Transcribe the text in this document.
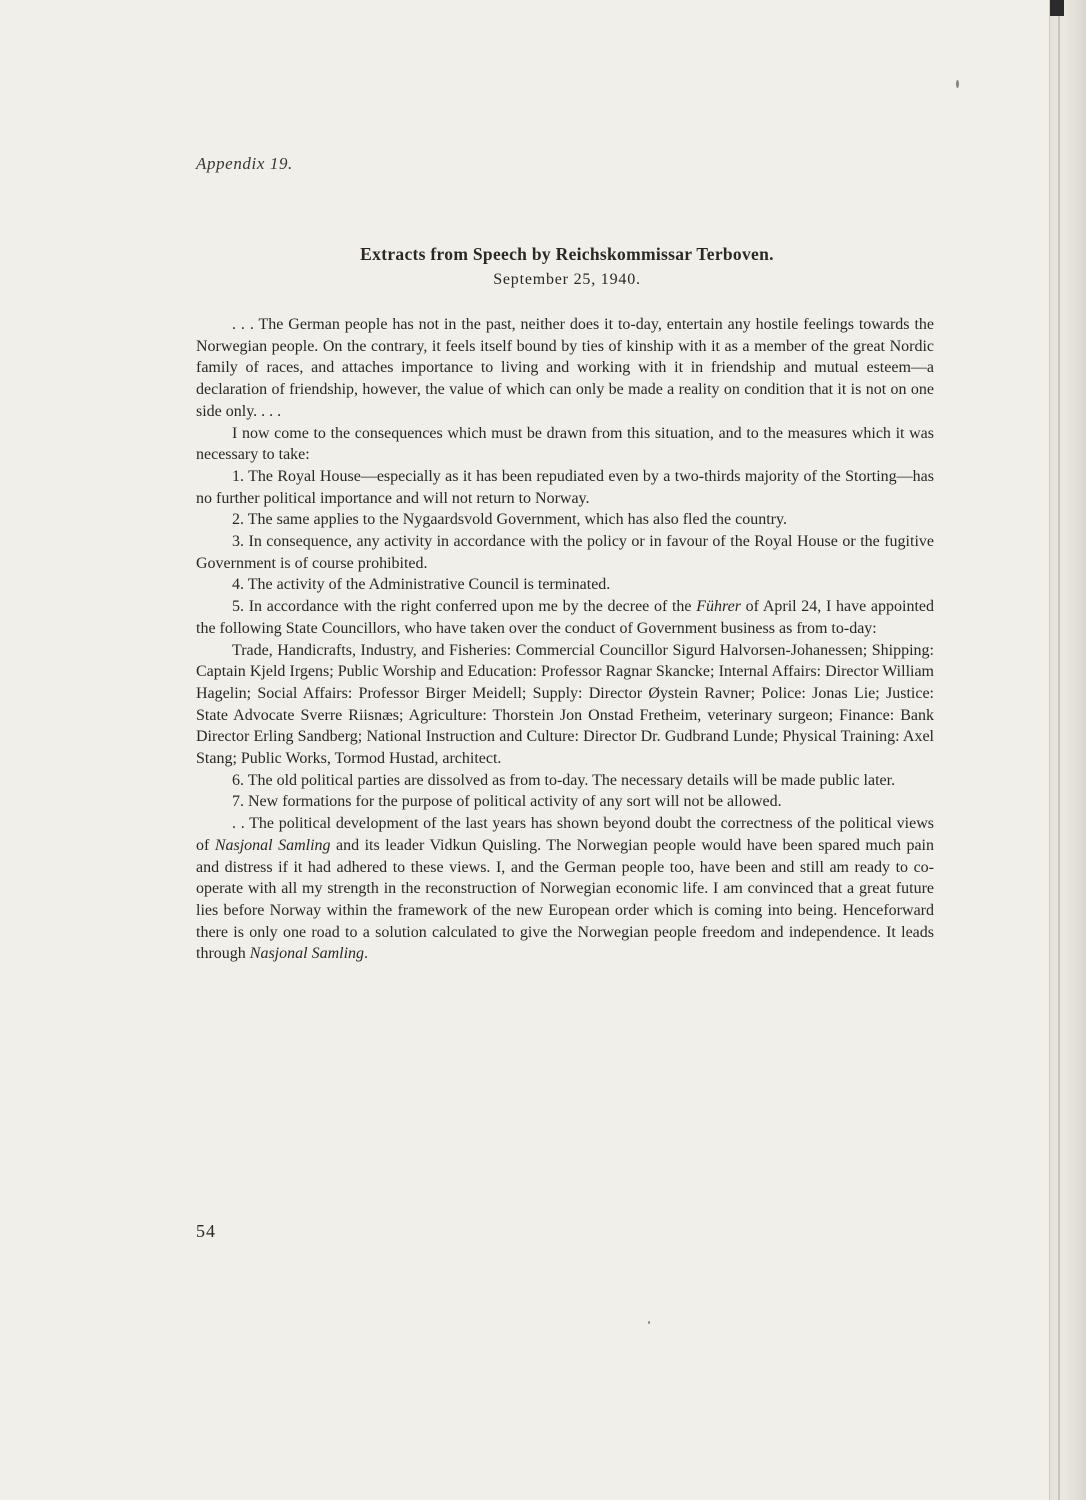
Appendix 19.
Extracts from Speech by Reichskommissar Terboven.
September 25, 1940.

. . . The German people has not in the past, neither does it to-day, entertain any hostile feelings towards the Norwegian people. On the contrary, it feels itself bound by ties of kinship with it as a member of the great Nordic family of races, and attaches importance to living and working with it in friendship and mutual esteem—a declaration of friendship, however, the value of which can only be made a reality on condition that it is not on one side only. . . .

I now come to the consequences which must be drawn from this situation, and to the measures which it was necessary to take:

1. The Royal House—especially as it has been repudiated even by a two-thirds majority of the Storting—has no further political importance and will not return to Norway.

2. The same applies to the Nygaardsvold Government, which has also fled the country.

3. In consequence, any activity in accordance with the policy or in favour of the Royal House or the fugitive Government is of course prohibited.

4. The activity of the Administrative Council is terminated.

5. In accordance with the right conferred upon me by the decree of the Führer of April 24, I have appointed the following State Councillors, who have taken over the conduct of Government business as from to-day:

Trade, Handicrafts, Industry, and Fisheries: Commercial Councillor Sigurd Halvorsen-Johanessen; Shipping: Captain Kjeld Irgens; Public Worship and Education: Professor Ragnar Skancke; Internal Affairs: Director William Hagelin; Social Affairs: Professor Birger Meidell; Supply: Director Øystein Ravner; Police: Jonas Lie; Justice: State Advocate Sverre Riisnæs; Agriculture: Thorstein Jon Onstad Fretheim, veterinary surgeon; Finance: Bank Director Erling Sandberg; National Instruction and Culture: Director Dr. Gudbrand Lunde; Physical Training: Axel Stang; Public Works, Tormod Hustad, architect.

6. The old political parties are dissolved as from to-day. The necessary details will be made public later.

7. New formations for the purpose of political activity of any sort will not be allowed.

. . The political development of the last years has shown beyond doubt the correctness of the political views of Nasjonal Samling and its leader Vidkun Quisling. The Norwegian people would have been spared much pain and distress if it had adhered to these views. I, and the German people too, have been and still am ready to co-operate with all my strength in the reconstruction of Norwegian economic life. I am convinced that a great future lies before Norway within the framework of the new European order which is coming into being. Henceforward there is only one road to a solution calculated to give the Norwegian people freedom and independence. It leads through Nasjonal Samling.

54
